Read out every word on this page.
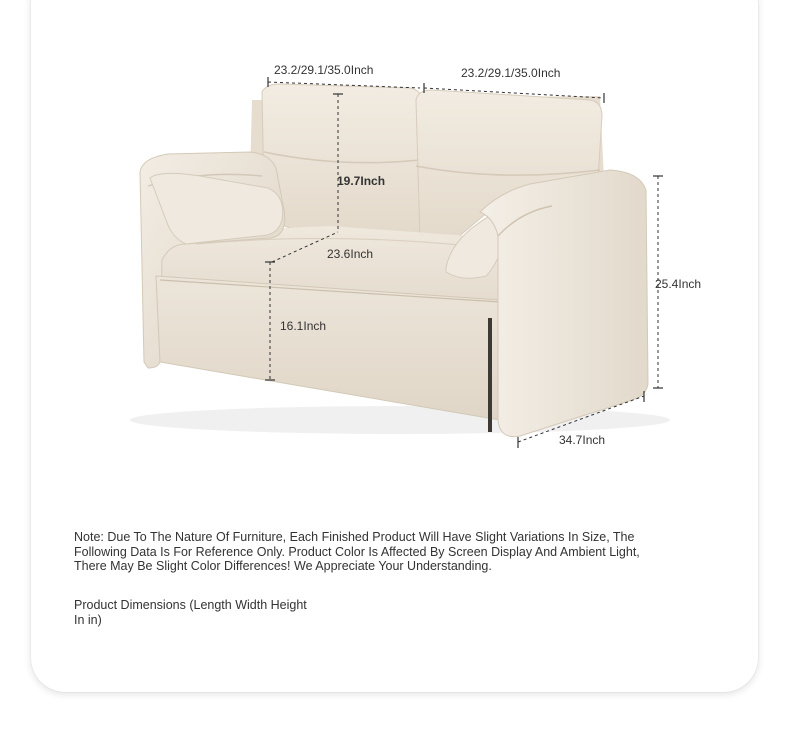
23.2/29.1/35.0Inch	23.2/29.1/35.0Inch
19.7Inch
23.6Inch
16.1Inch
25.4Inch
34.7Inch

Note: Due To The Nature Of Furniture, Each Finished Product Will Have Slight Variations In Size, The Following Data Is For Reference Only. Product Color Is Affected By Screen Display And Ambient Light, There May Be Slight Color Differences! We Appreciate Your Understanding.

Product Dimensions (Length Width Height In in)
